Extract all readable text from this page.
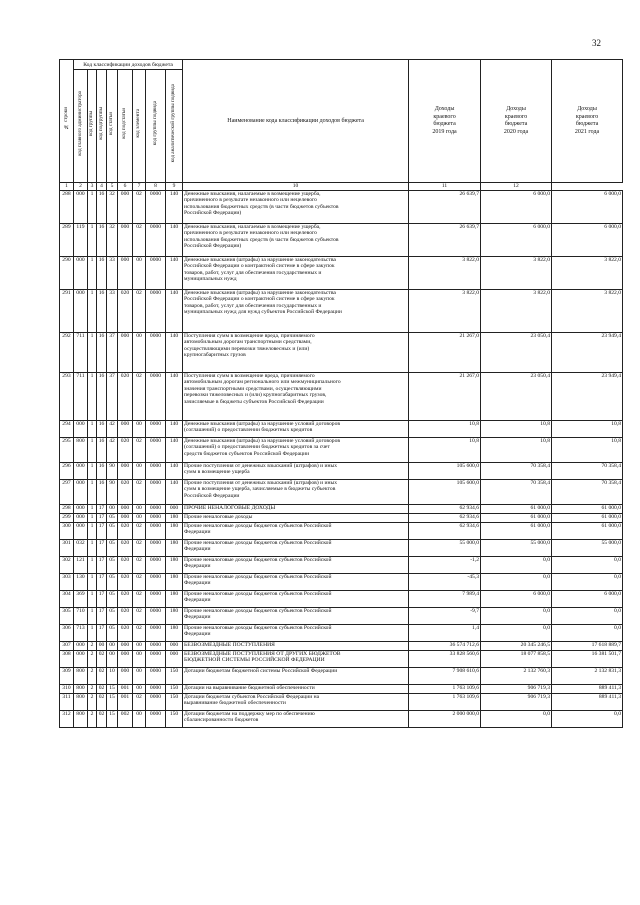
32
№ строки	Код классификации доходов бюджета								Наименование кода классификации доходов бюджета	Доходы
краевого
бюджета
2019 года	Доходы
краевого
бюджета
2020 года	Доходы
краевого
бюджета
2021 года
	код главного администратора	код группы	код подгруппы	код статьи	код подстатьи	код элемента	код группы подвида	код аналитической группы подвида				
1	2	3	4	5	6	7	8	9	10	11	12	
288	000	1	16	32	000	02	0000	140	Денежные взыскания, налагаемые в возмещение ущерба,
причиненного в результате незаконного или нецелевого
использования бюджетных средств (в части бюджетов субъектов
Российской Федерации)	26 639,7	6 000,0	6 000,0
289	119	1	16	32	000	02	0000	140	Денежные взыскания, налагаемые в возмещение ущерба,
причиненного в результате незаконного или нецелевого
использования бюджетных средств (в части бюджетов субъектов
Российской Федерации)	26 639,7	6 000,0	6 000,0
290	000	1	16	33	000	00	0000	140	Денежные взыскания (штрафы) за нарушение законодательства
Российской Федерации о контрактной системе в сфере закупок
товаров, работ, услуг для обеспечения государственных и
муниципальных нужд	3 822,0	3 822,0	3 822,0
291	000	1	16	33	020	02	0000	140	Денежные взыскания (штрафы) за нарушение законодательства
Российской Федерации о контрактной системе в сфере закупок
товаров, работ, услуг для обеспечения государственных и
муниципальных нужд для нужд субъектов Российской Федерации	3 822,0	3 822,0	3 822,0
292	711	1	16	37	000	00	0000	140	Поступления сумм в возмещение вреда, причиняемого
автомобильным дорогам транспортными средствами,
осуществляющими перевозки тяжеловесных и (или)
крупногабаритных грузов	21 267,0	23 050,4	23 949,4
293	711	1	16	37	020	02	0000	140	Поступления сумм в возмещение вреда, причиняемого
автомобильным дорогам регионального или межмуниципального
значения транспортными средствами, осуществляющими
перевозки тяжеловесных и (или) крупногабаритных грузов,
зачисляемые в бюджеты субъектов Российской Федерации	21 267,0	23 050,4	23 949,4
294	000	1	16	42	000	00	0000	140	Денежные взыскания (штрафы) за нарушение условий договоров
(соглашений) о предоставлении бюджетных кредитов	10,8	10,8	10,8
295	800	1	16	42	020	02	0000	140	Денежные взыскания (штрафы) за нарушение условий договоров
(соглашений) о предоставлении бюджетных кредитов за счет
средств бюджетов субъектов Российской Федерации	10,8	10,8	10,8
296	000	1	16	90	000	00	0000	140	Прочие поступления от денежных взысканий (штрафов) и иных
сумм в возмещение ущерба	105 600,0	70 358,4	70 358,4
297	000	1	16	90	020	02	0000	140	Прочие поступления от денежных взысканий (штрафов) и иных
сумм в возмещение ущерба, зачисляемые в бюджеты субъектов
Российской Федерации	105 600,0	70 358,4	70 358,4
298	000	1	17	00	000	00	0000	000	ПРОЧИЕ НЕНАЛОГОВЫЕ ДОХОДЫ	62 934,6	61 000,0	61 000,0
299	000	1	17	05	000	00	0000	180	Прочие неналоговые доходы	62 934,6	61 000,0	61 000,0
300	000	1	17	05	020	02	0000	180	Прочие неналоговые доходы бюджетов субъектов Российской
Федерации	62 934,6	61 000,0	61 000,0
301	032	1	17	05	020	02	0000	180	Прочие неналоговые доходы бюджетов субъектов Российской
Федерации	55 000,0	55 000,0	55 000,0
302	121	1	17	05	020	02	0000	180	Прочие неналоговые доходы бюджетов субъектов Российской
Федерации	-1,2	0,0	0,0
303	130	1	17	05	020	02	0000	180	Прочие неналоговые доходы бюджетов субъектов Российской
Федерации	-45,3	0,0	0,0
304	369	1	17	05	020	02	0000	180	Прочие неналоговые доходы бюджетов субъектов Российской
Федерации	7 989,4	6 000,0	6 000,0
305	710	1	17	05	020	02	0000	180	Прочие неналоговые доходы бюджетов субъектов Российской
Федерации	-9,7	0,0	0,0
306	713	1	17	05	020	02	0000	180	Прочие неналоговые доходы бюджетов субъектов Российской
Федерации	1,4	0,0	0,0
307	000	2	00	00	000	00	0000	000	БЕЗВОЗМЕЗДНЫЕ ПОСТУПЛЕНИЯ	36 574 712,6	20 345 246,5	17 618 889,7
308	000	2	02	00	000	00	0000	000	БЕЗВОЗМЕЗДНЫЕ ПОСТУПЛЕНИЯ ОТ ДРУГИХ БЮДЖЕТОВ
БЮДЖЕТНОЙ СИСТЕМЫ РОССИЙСКОЙ ФЕДЕРАЦИИ	33 828 560,6	18 077 858,5	16 381 501,7
309	800	2	02	10	000	00	0000	150	Дотации бюджетам бюджетной системы Российской Федерации	7 908 610,6	2 132 760,3	2 132 831,3
310	800	2	02	15	001	00	0000	150	Дотации на выравнивание бюджетной обеспеченности	1 763 109,6	906 719,3	889 411,3
311	800	2	02	15	001	02	0000	150	Дотации бюджетам субъектов Российской Федерации на
выравнивание бюджетной обеспеченности	1 763 109,6	906 719,3	889 411,3
312	800	2	02	15	002	00	0000	150	Дотации бюджетам на поддержку мер по обеспечению
сбалансированности бюджетов	2 000 000,0	0,0	0,0
